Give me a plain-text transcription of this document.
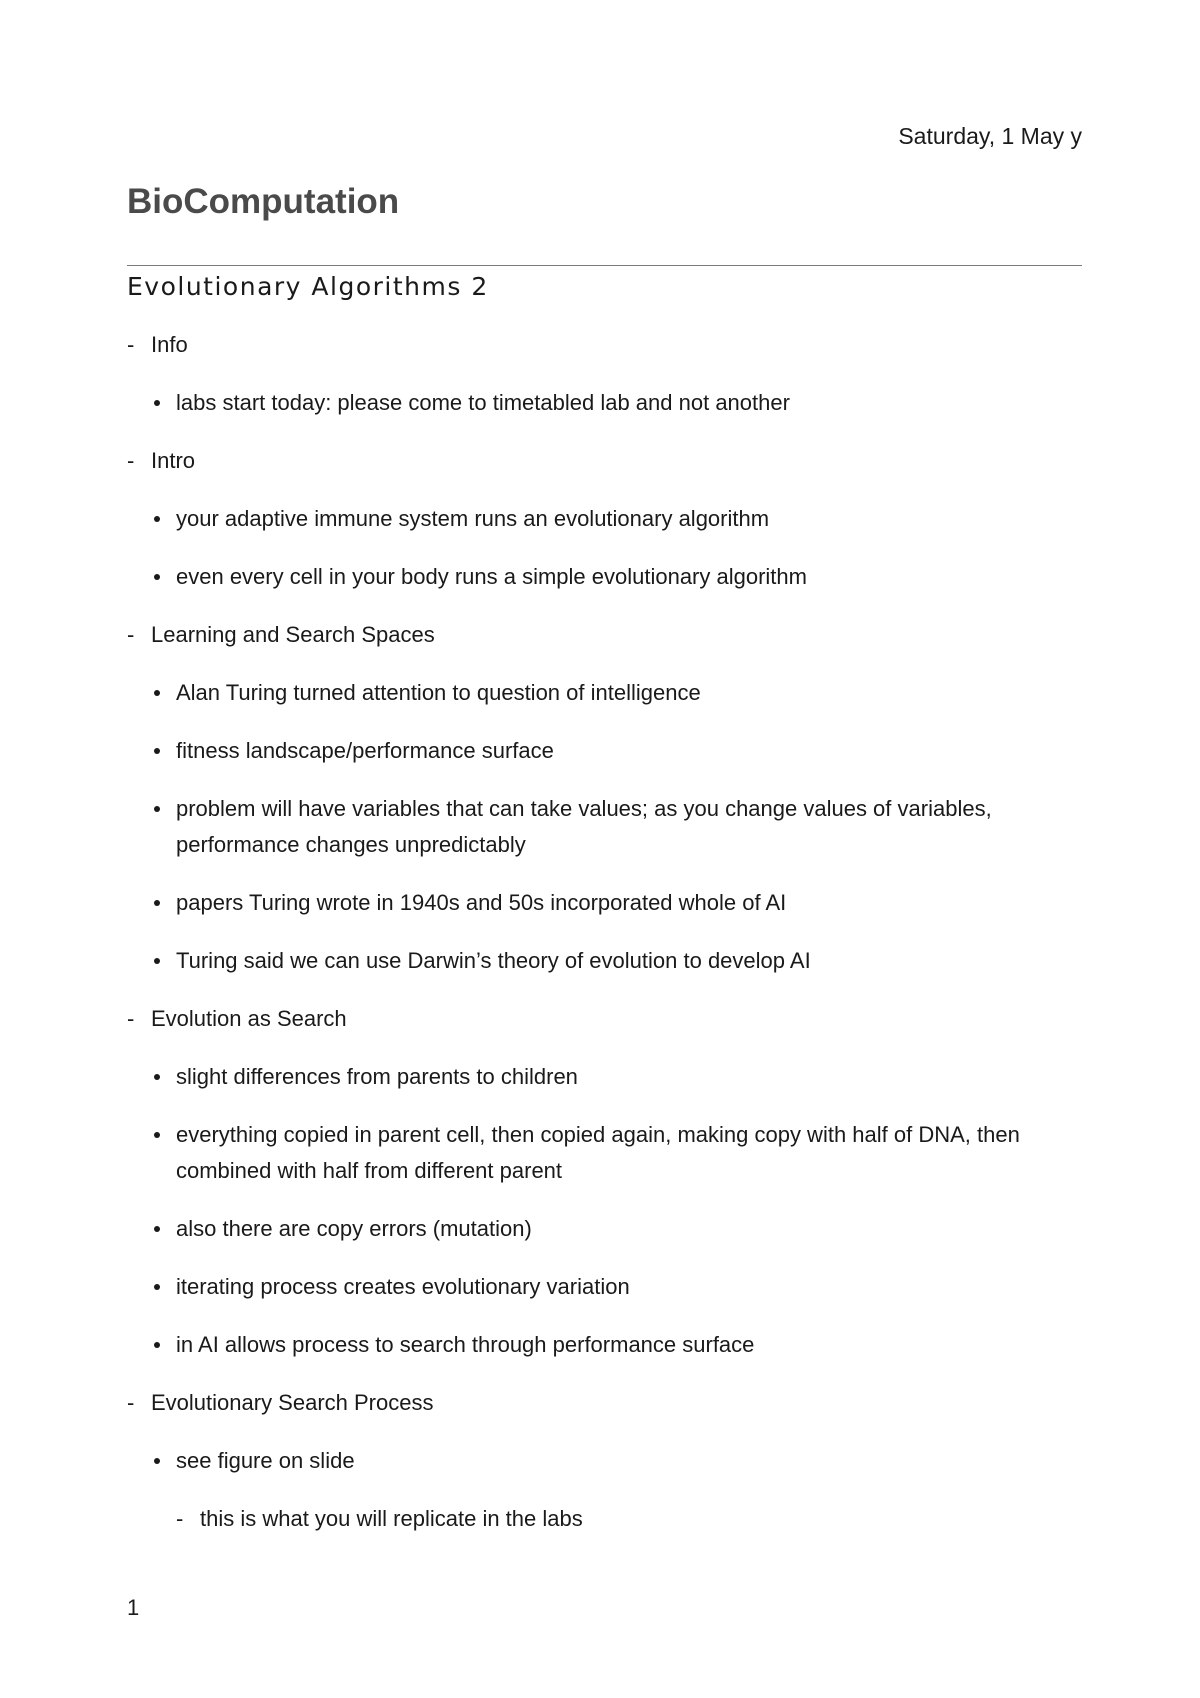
Saturday, 1 May y
BioComputation
Evolutionary Algorithms 2
- Info
labs start today: please come to timetabled lab and not another
- Intro
your adaptive immune system runs an evolutionary algorithm
even every cell in your body runs a simple evolutionary algorithm
- Learning and Search Spaces
Alan Turing turned attention to question of intelligence
fitness landscape/performance surface
problem will have variables that can take values; as you change values of variables, performance changes unpredictably
papers Turing wrote in 1940s and 50s incorporated whole of AI
Turing said we can use Darwin’s theory of evolution to develop AI
- Evolution as Search
slight differences from parents to children
everything copied in parent cell, then copied again, making copy with half of DNA, then combined with half from different parent
also there are copy errors (mutation)
iterating process creates evolutionary variation
in AI allows process to search through performance surface
- Evolutionary Search Process
see figure on slide
- this is what you will replicate in the labs
1
